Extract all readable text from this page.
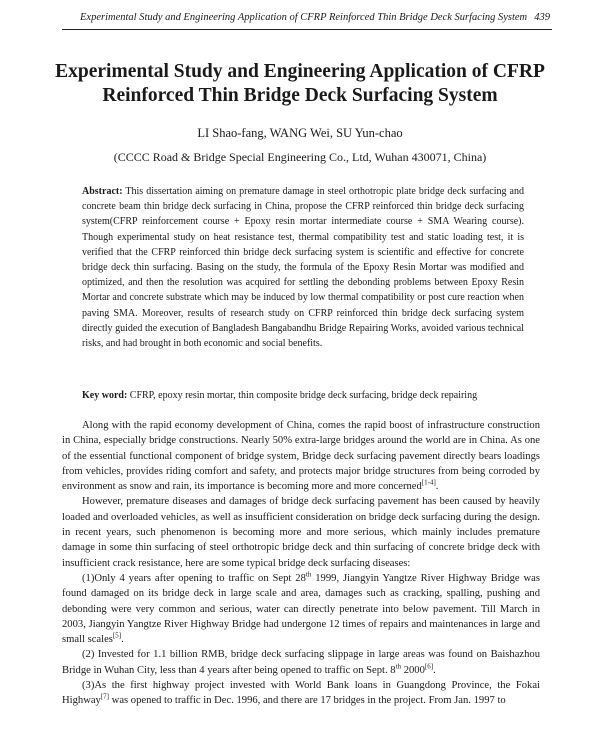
Experimental Study and Engineering Application of CFRP Reinforced Thin Bridge Deck Surfacing System 439
Experimental Study and Engineering Application of CFRP
Reinforced Thin Bridge Deck Surfacing System
LI Shao-fang, WANG Wei, SU Yun-chao
(CCCC Road & Bridge Special Engineering Co., Ltd, Wuhan 430071, China)
Abstract: This dissertation aiming on premature damage in steel orthotropic plate bridge deck surfacing and concrete beam thin bridge deck surfacing in China, propose the CFRP reinforced thin bridge deck surfacing system(CFRP reinforcement course + Epoxy resin mortar intermediate course + SMA Wearing course). Though experimental study on heat resistance test, thermal compatibility test and static loading test, it is verified that the CFRP reinforced thin bridge deck surfacing system is scientific and effective for concrete bridge deck thin surfacing. Basing on the study, the formula of the Epoxy Resin Mortar was modified and optimized, and then the resolution was acquired for settling the debonding problems between Epoxy Resin Mortar and concrete substrate which may be induced by low thermal compatibility or post cure reaction when paving SMA. Moreover, results of research study on CFRP reinforced thin bridge deck surfacing system directly guided the execution of Bangladesh Bangabandhu Bridge Repairing Works, avoided various technical risks, and had brought in both economic and social benefits.
Key word: CFRP, epoxy resin mortar, thin composite bridge deck surfacing, bridge deck repairing

Along with the rapid economy development of China, comes the rapid boost of infrastructure construction in China, especially bridge constructions. Nearly 50% extra-large bridges around the world are in China. As one of the essential functional component of bridge system, Bridge deck surfacing pavement directly bears loadings from vehicles, provides riding comfort and safety, and protects major bridge structures from being corroded by environment as snow and rain, its importance is becoming more and more concerned[1-4].

However, premature diseases and damages of bridge deck surfacing pavement has been caused by heavily loaded and overloaded vehicles, as well as insufficient consideration on bridge deck surfacing during the design. in recent years, such phenomenon is becoming more and more serious, which mainly includes premature damage in some thin surfacing of steel orthotropic bridge deck and thin surfacing of concrete bridge deck with insufficient crack resistance, here are some typical bridge deck surfacing diseases:

(1)Only 4 years after opening to traffic on Sept 28th 1999, Jiangyin Yangtze River Highway Bridge was found damaged on its bridge deck in large scale and area, damages such as cracking, spalling, pushing and debonding were very common and serious, water can directly penetrate into below pavement. Till March in 2003, Jiangyin Yangtze River Highway Bridge had undergone 12 times of repairs and maintenances in large and small scales[5].

(2) Invested for 1.1 billion RMB, bridge deck surfacing slippage in large areas was found on Baishazhou Bridge in Wuhan City, less than 4 years after being opened to traffic on Sept. 8th 2000[6].

(3)As the first highway project invested with World Bank loans in Guangdong Province, the Fokai Highway[7] was opened to traffic in Dec. 1996, and there are 17 bridges in the project. From Jan. 1997 to
